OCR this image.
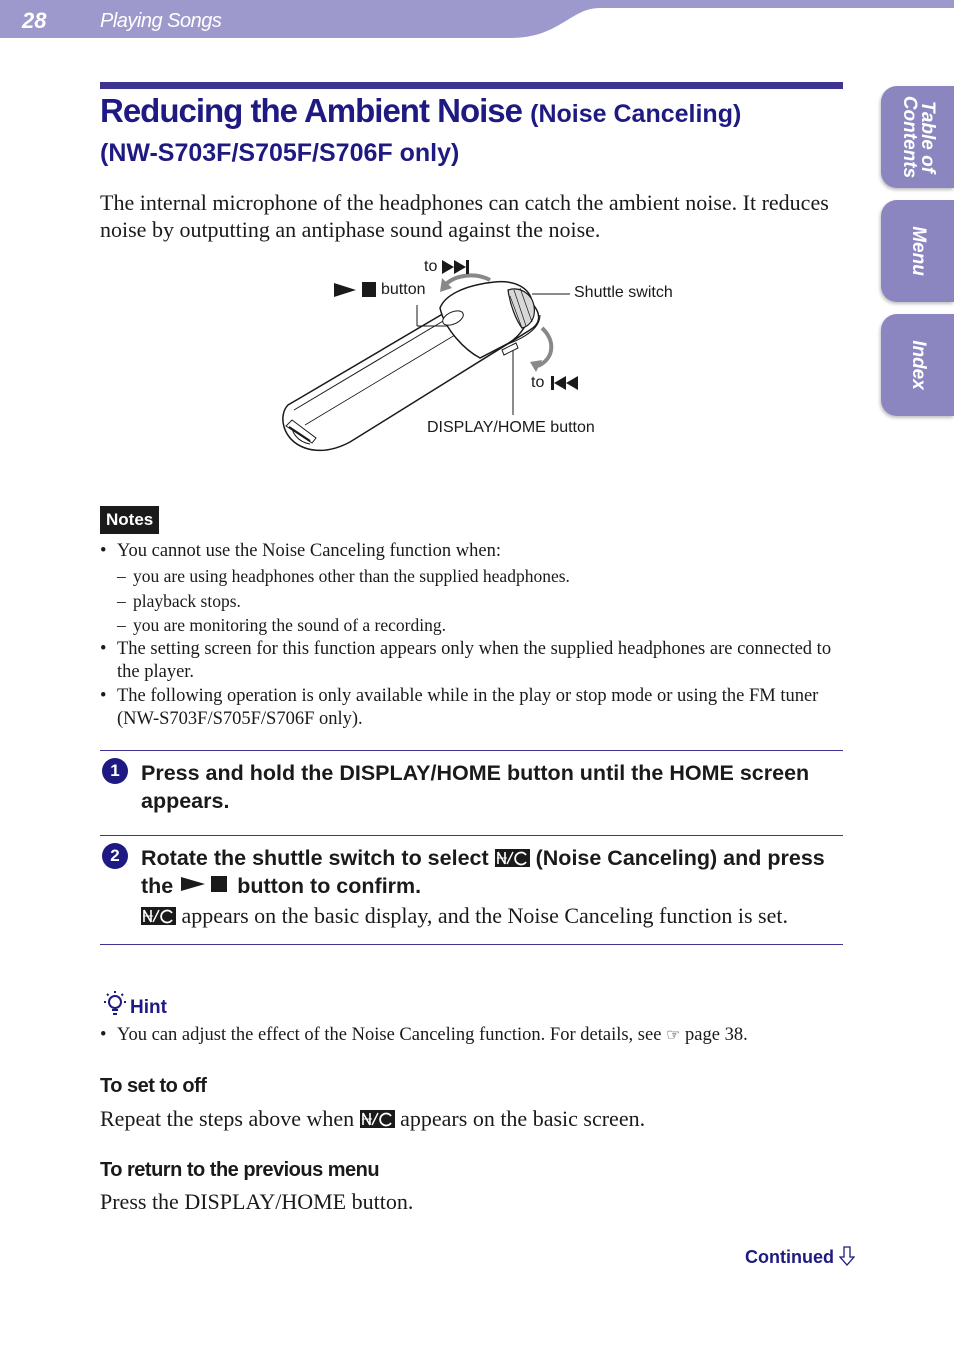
28	Playing Songs
Table of
Contents
Menu
Index
Reducing the Ambient Noise (Noise Canceling)
(NW-S703F/S705F/S706F only)
The internal microphone of the headphones can catch the ambient noise. It reduces noise by outputting an antiphase sound against the noise.
to
button	Shuttle switch
to
DISPLAY/HOME button
Notes
• You cannot use the Noise Canceling function when:
– you are using headphones other than the supplied headphones.
– playback stops.
– you are monitoring the sound of a recording.
• The setting screen for this function appears only when the supplied headphones are connected to the player.
• The following operation is only available while in the play or stop mode or using the FM tuner (NW-S703F/S705F/S706F only).
1 Press and hold the DISPLAY/HOME button until the HOME screen
appears.
2 Rotate the shuttle switch to select (Noise Canceling) and press
the	button to confirm.
appears on the basic display, and the Noise Canceling function is set.
Hint
• You can adjust the effect of the Noise Canceling function. For details, see ☞ page 38.
To set to off
Repeat the steps above when appears on the basic screen.
To return to the previous menu
Press the DISPLAY/HOME button.
Continued
